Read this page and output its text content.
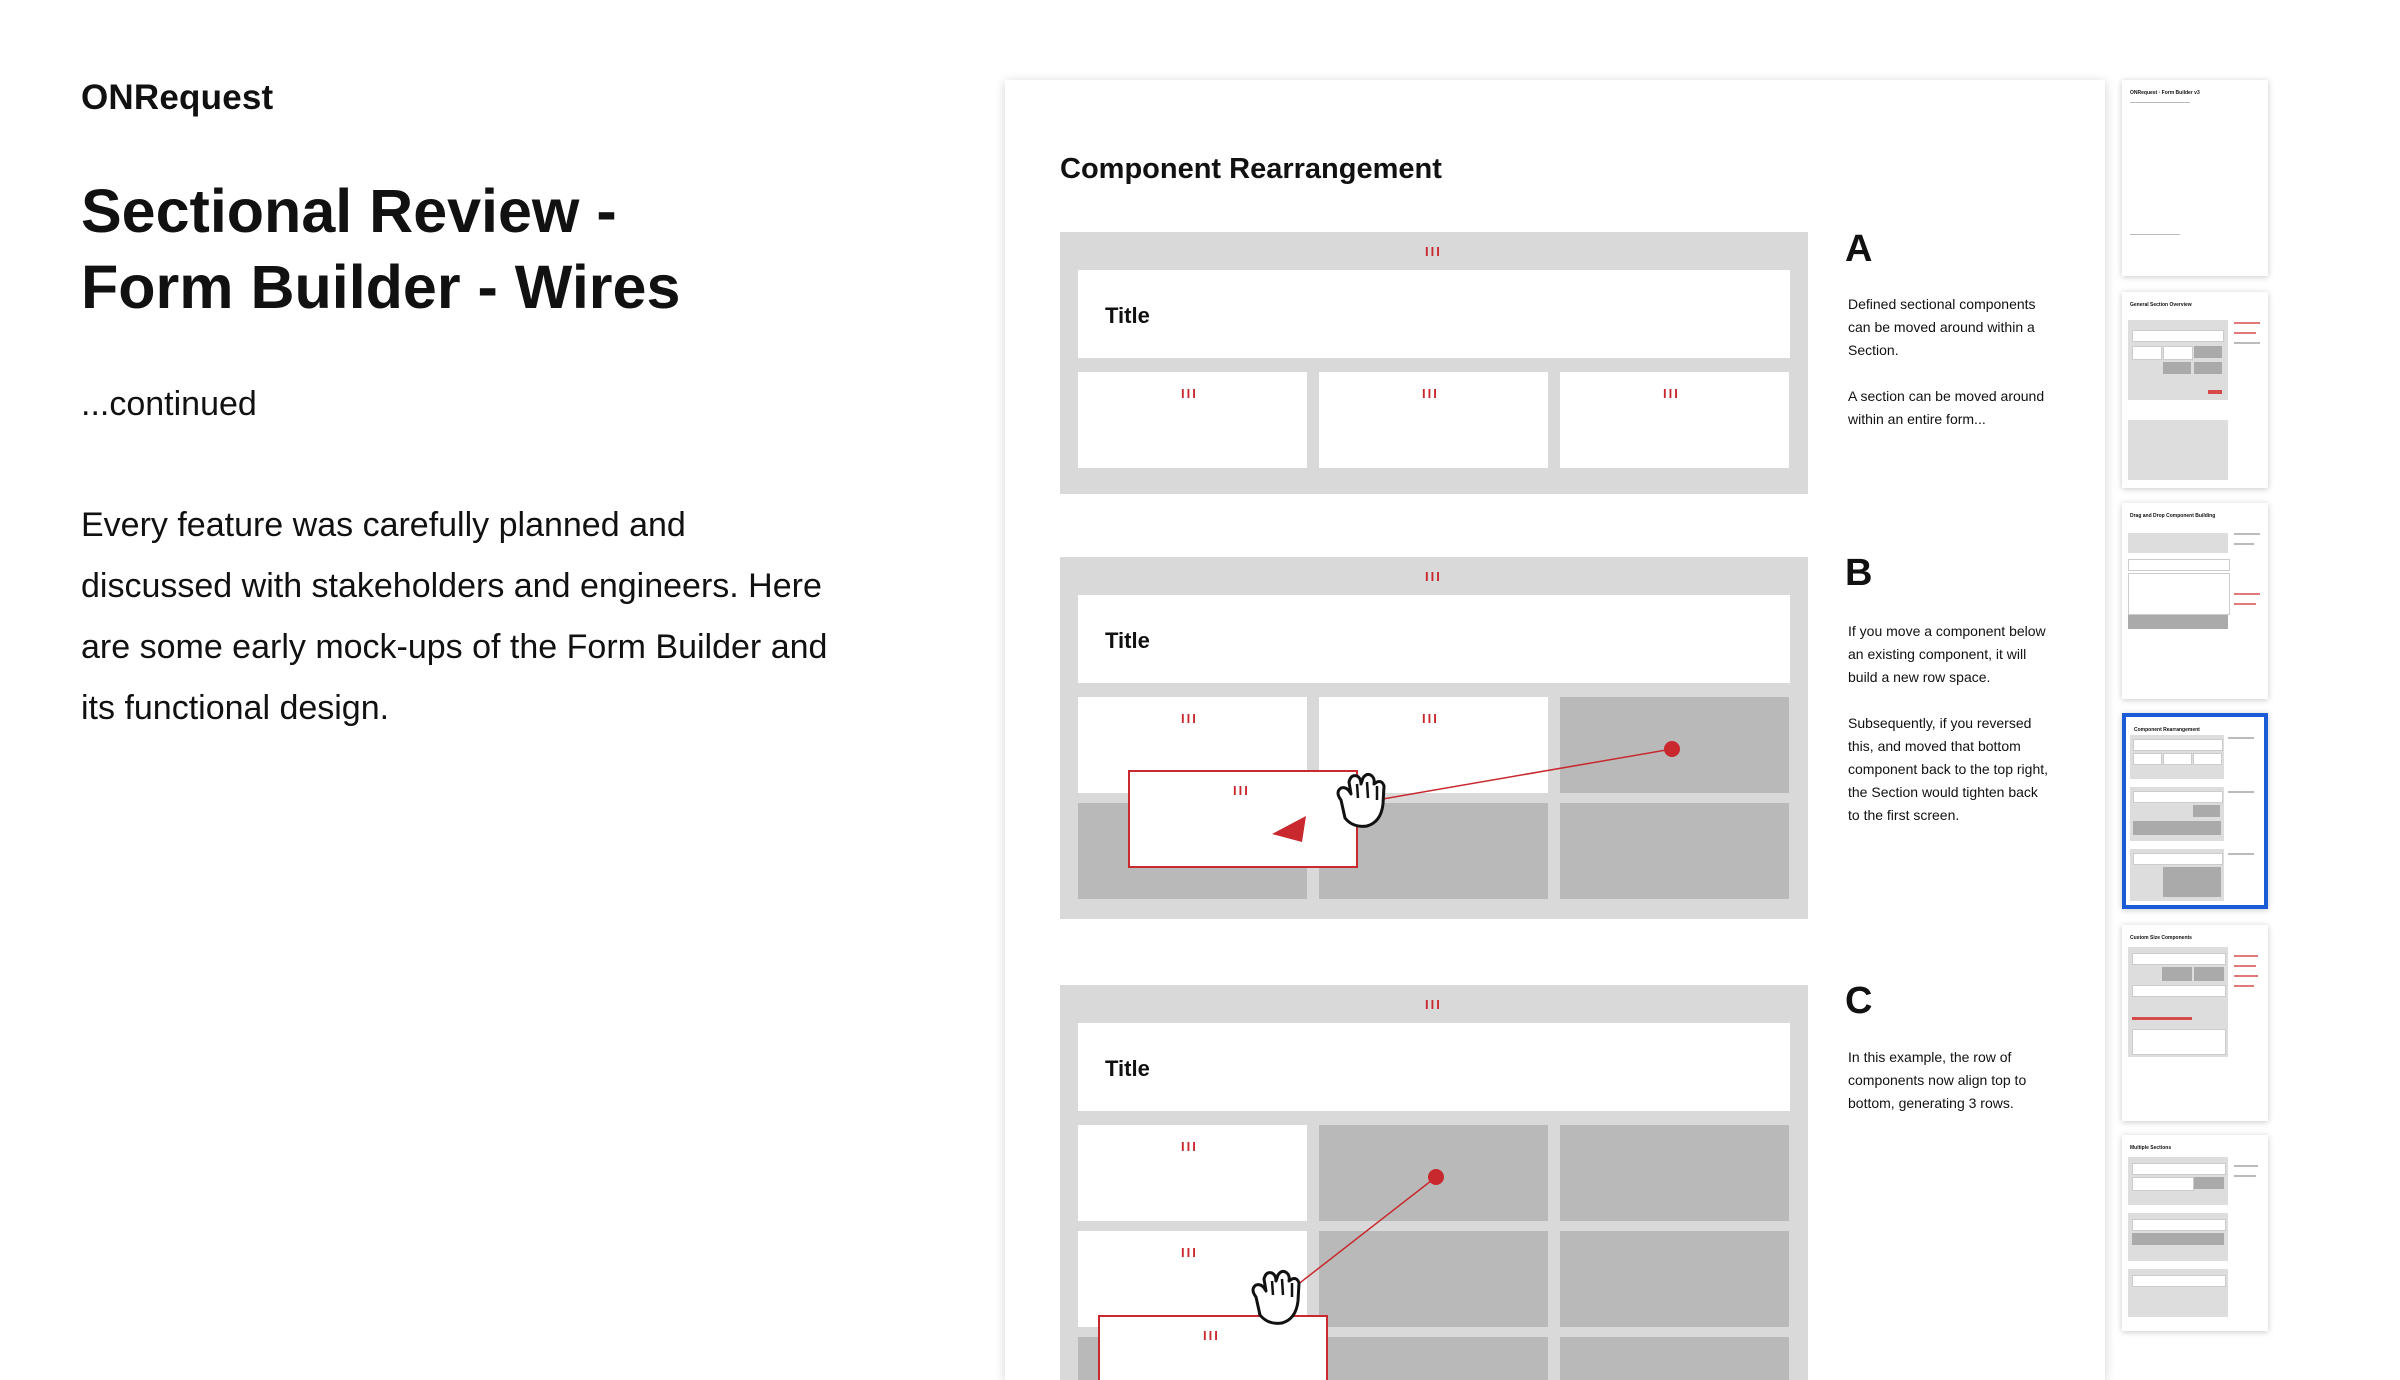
ONRequest
Sectional Review -
Form Builder - Wires
...continued
Every feature was carefully planned and discussed with stakeholders and engineers. Here are some early mock-ups of the Form Builder and its functional design.
Component Rearrangement
III
Title
III	III	III
A

Defined sectional components can be moved around within a Section.

A section can be moved around within an entire form...

III
Title
III	III
III
B

If you move a component below an existing component, it will build a new row space.

Subsequently, if you reversed this, and moved that bottom component back to the top right, the Section would tighten back to the first screen.

III
Title
III
III
III
C

In this example, the row of components now align top to bottom, generating 3 rows.

ONRequest · Form Builder v3
General Section Overview
Drag and Drop Component Building
Component Rearrangement
Custom Size Components
Multiple Sections
